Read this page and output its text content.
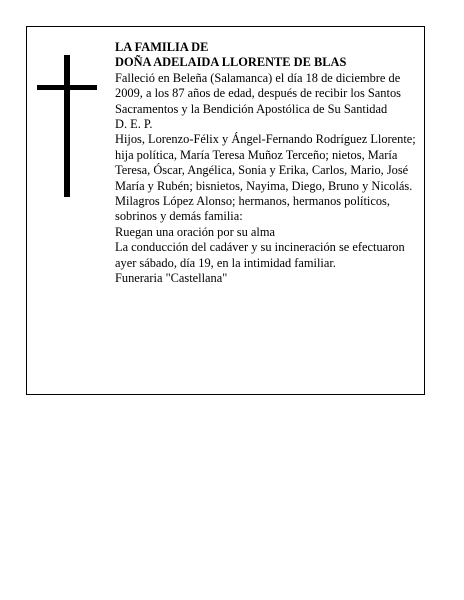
LA FAMILIA DE

DOÑA ADELAIDA LLORENTE DE BLAS

Falleció en Beleña (Salamanca) el día 18 de diciembre de 2009, a los 87 años de edad, después de recibir los Santos Sacramentos y la Bendición Apostólica de Su Santidad

D. E. P.

Hijos, Lorenzo-Félix y Ángel-Fernando Rodríguez Llorente; hija política, María Teresa Muñoz Terceño; nietos, María Teresa, Óscar, Angélica, Sonia y Erika, Carlos, Mario, José María y Rubén; bisnietos, Nayima, Diego, Bruno y Nicolás. Milagros López Alonso; hermanos, hermanos políticos, sobrinos y demás familia:

Ruegan una oración por su alma

La conducción del cadáver y su incineración se efectuaron ayer sábado, día 19, en la intimidad familiar.

Funeraria "Castellana"
